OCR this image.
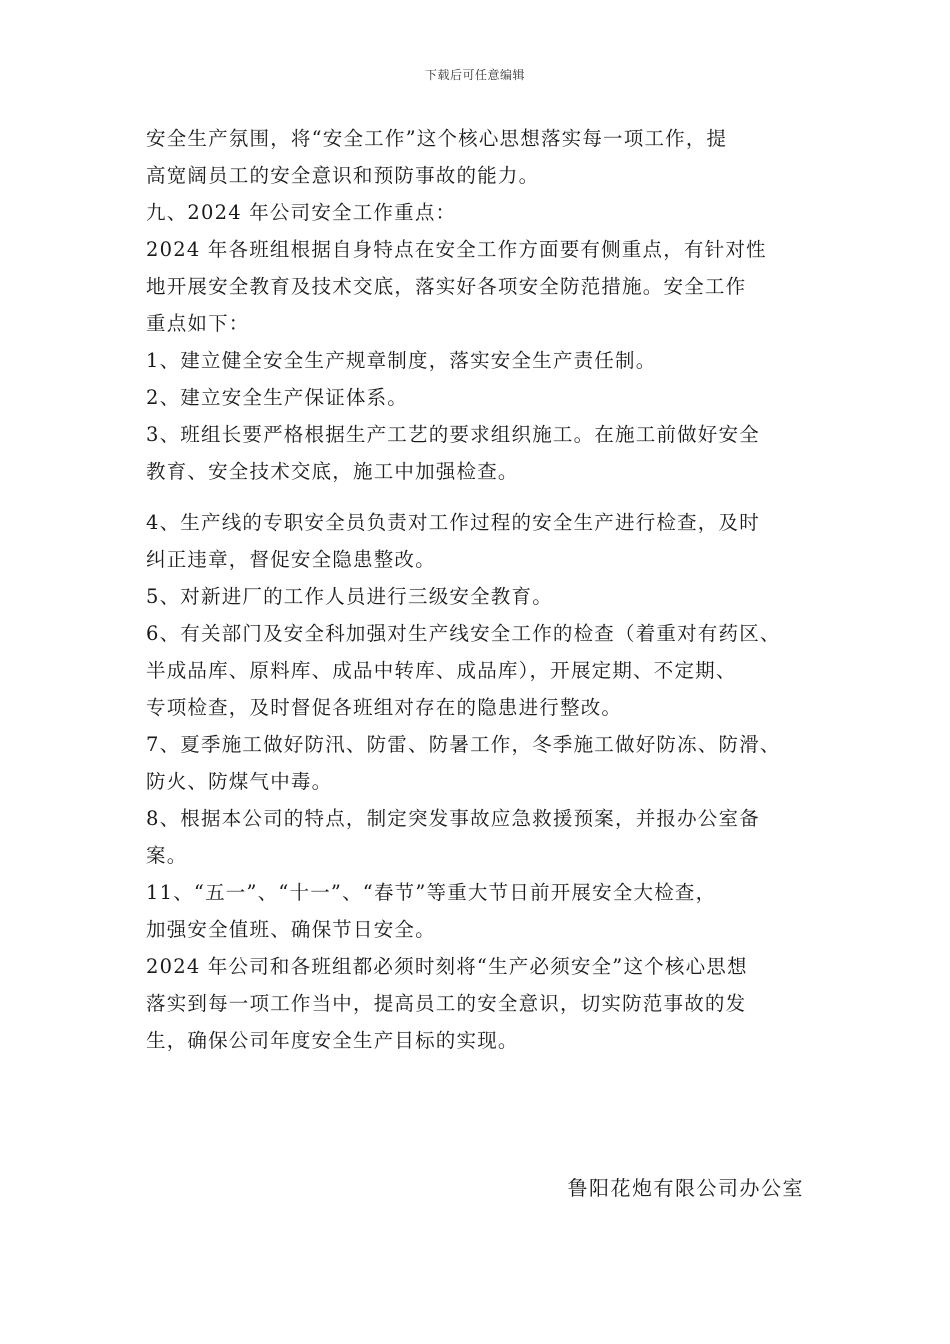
下载后可任意编辑
安全生产氛围，将“安全工作”这个核心思想落实每一项工作，提
高宽阔员工的安全意识和预防事故的能力。
九、2024 年公司安全工作重点：
2024 年各班组根据自身特点在安全工作方面要有侧重点，有针对性
地开展安全教育及技术交底，落实好各项安全防范措施。安全工作
重点如下：
1、建立健全安全生产规章制度，落实安全生产责任制。
2、建立安全生产保证体系。
3、班组长要严格根据生产工艺的要求组织施工。在施工前做好安全
教育、安全技术交底，施工中加强检查。
4、生产线的专职安全员负责对工作过程的安全生产进行检查，及时
纠正违章，督促安全隐患整改。
5、对新进厂的工作人员进行三级安全教育。
6、有关部门及安全科加强对生产线安全工作的检查（着重对有药区、
半成品库、原料库、成品中转库、成品库），开展定期、不定期、
专项检查，及时督促各班组对存在的隐患进行整改。
7、夏季施工做好防汛、防雷、防暑工作，冬季施工做好防冻、防滑、
防火、防煤气中毒。
8、根据本公司的特点，制定突发事故应急救援预案，并报办公室备
案。
11、“五一”、“十一”、“春节”等重大节日前开展安全大检查，
加强安全值班、确保节日安全。
2024 年公司和各班组都必须时刻将“生产必须安全”这个核心思想
落实到每一项工作当中，提高员工的安全意识，切实防范事故的发
生，确保公司年度安全生产目标的实现。
鲁阳花炮有限公司办公室
